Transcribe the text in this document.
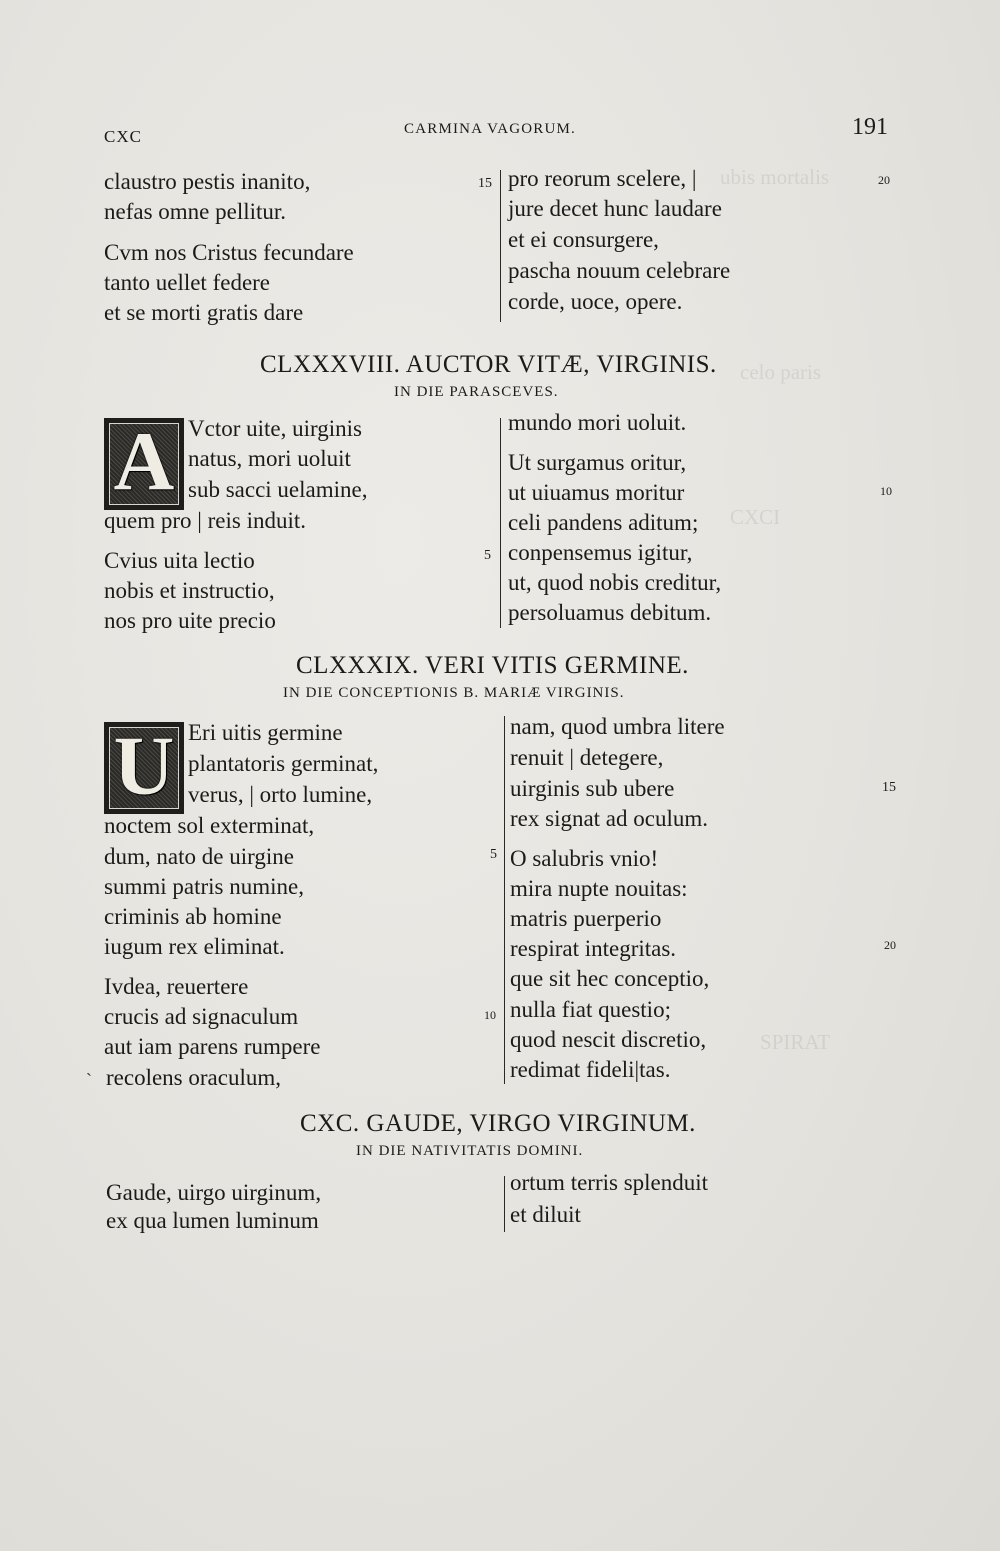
ubis mortalis
celo paris
CXCI
SPIRAT
CXC	CARMINA VAGORUM.	191
claustro pestis inanito,
nefas omne pellitur.
Cvm nos Cristus fecundare
tanto uellet federe
et se morti gratis dare
15 pro reorum scelere, |
jure decet hunc laudare
et ei consurgere,
pascha nouum celebrare
corde, uoce, opere.
20
CLXXXVIII. AUCTOR VITÆ, VIRGINIS.
IN DIE PARASCEVES.
A Vctor uite, uirginis
natus, mori uoluit
sub sacci uelamine,
quem pro | reis induit.
Cvius uita lectio
nobis et instructio,
nos pro uite precio
5
mundo mori uoluit.
Ut surgamus oritur,
ut uiuamus moritur
celi pandens aditum;
conpensemus igitur,
ut, quod nobis creditur,
persoluamus debitum.
10
CLXXXIX. VERI VITIS GERMINE.
IN DIE CONCEPTIONIS B. MARIÆ VIRGINIS.
U Eri uitis germine
plantatoris germinat,
verus, | orto lumine,
noctem sol exterminat,
dum, nato de uirgine
summi patris numine,
criminis ab homine
iugum rex eliminat.
Ivdea, reuertere
crucis ad signaculum
aut iam parens rumpere
recolens oraculum,
5
10
ˋ
nam, quod umbra litere
renuit | detegere,
uirginis sub ubere
rex signat ad oculum.
O salubris vnio!
mira nupte nouitas:
matris puerperio
respirat integritas.
que sit hec conceptio,
nulla fiat questio;
quod nescit discretio,
redimat fideli|tas.
15
20
CXC. GAUDE, VIRGO VIRGINUM.
IN DIE NATIVITATIS DOMINI.
Gaude, uirgo uirginum,
ex qua lumen luminum
ortum terris splenduit
et diluit
